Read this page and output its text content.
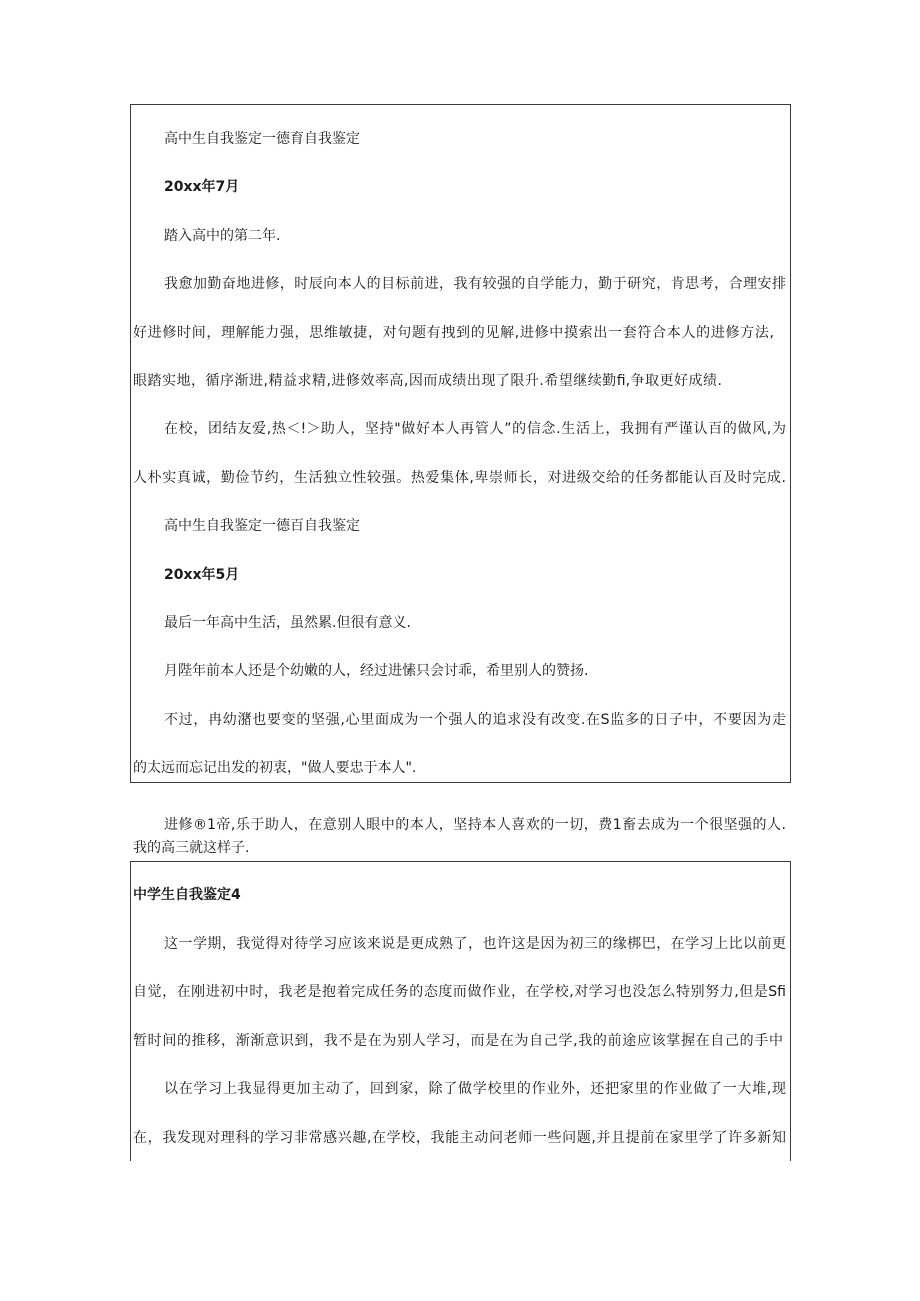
高中生自我鉴定一德育自我鉴定
20xx年7月
踏入高中的第二年.
我愈加勤奋地进修，时辰向本人的目标前进，我有较强的自学能力，勤于研究，肯思考，合理安排
好进修时间，理解能力强，思维敏捷，对句题有拽到的见解,进修中摸索出一套符合本人的进修方法,
眼踏实地，循序渐进,精益求精,进修效率高,因而成绩出现了限升.希望继续勤fi,争取更好成绩.
在校，团结友爱,热＜!＞助人，坚持"做好本人再管人”的信念.生活上，我拥有严谨认百的做风,为
人朴实真诚，勤俭节约，生活独立性较强。热爱集体,卑崇师长，对进级交给的任务都能认百及时完成.
高中生自我鉴定一德百自我鉴定
20xx年5月
最后一年高中生活，虽然累.但很有意义.
月陛年前本人还是个幼嫩的人，经过进愫只会讨乖，希里别人的赞扬.
不过，冉幼潴也要变的坚强,心里面成为一个强人的追求没有改变.在S监多的日子中，不要因为走
的太远而忘记出发的初衷，"做人要忠于本人".
进修®1帝,乐于助人，在意别人眼中的本人，坚持本人喜欢的一切，费1畜去成为一个很坚强的人.
我的高三就这样子.
中学生自我鉴定4
这一学期，我觉得对待学习应该来说是更成熟了，也许这是因为初三的缘梆巴，在学习上比以前更
自觉，在刚进初中时，我老是抱着完成任务的态度而做作业，在学校,对学习也没怎么特别努力,但是Sfi
暂时间的推移，渐渐意识到，我不是在为别人学习，而是在为自己学,我的前途应该掌握在自己的手中
以在学习上我显得更加主动了，回到家，除了做学校里的作业外，还把家里的作业做了一大堆,现
在，我发现对理科的学习非常感兴趣,在学校，我能主动问老师一些问题,并且提前在家里学了许多新知
